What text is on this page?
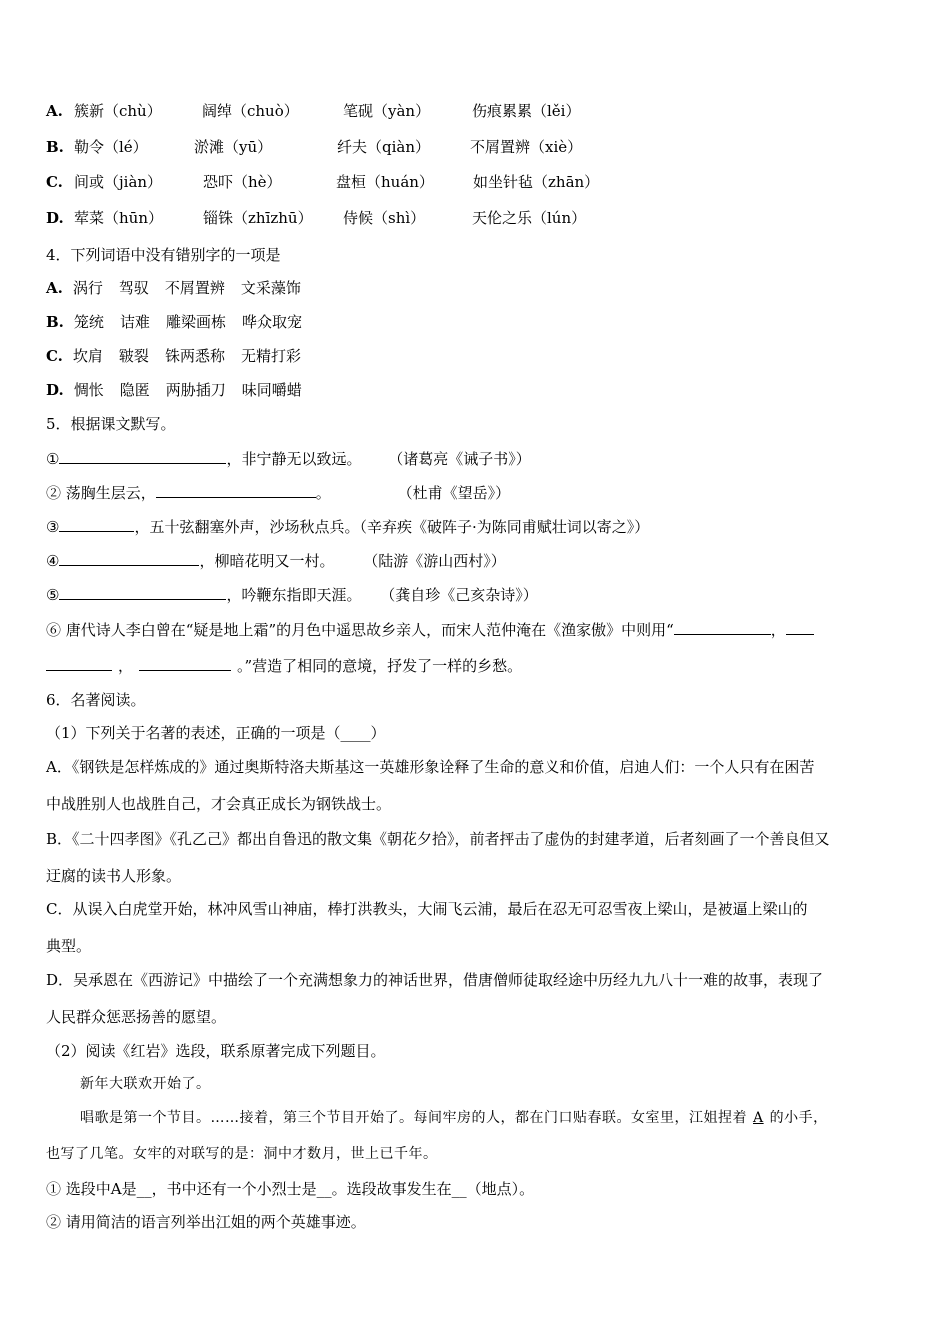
A. 簇新（chù）	阔绰（chuò）	笔砚（yàn）	伤痕累累（lěi）
B. 勒令（lé）	淤滩（yū）	纤夫（qiàn）	不屑置辨（xiè）
C. 间或（jiàn）	恐吓（hè）	盘桓（huán）	如坐针毡（zhān）
D. 荤菜（hūn）	锱铢（zhīzhū） 侍候（shì）	天伦之乐（lún）
4．下列词语中没有错别字的一项是
A. 涡行 驾驭 不屑置辨 文采藻饰
B. 笼统 诘难 雕梁画栋 哗众取宠
C. 坎肩 皲裂 铢两悉称 无精打彩
D. 惆怅 隐匿 两胁插刀 味同嚼蜡
5．根据课文默写。
①	，非宁静无以致远。 （诸葛亮《诫子书》）
② 荡胸生层云，	。	（杜甫《望岳》）
③	，五十弦翻塞外声，沙场秋点兵。（辛弃疾《破阵子·为陈同甫赋壮词以寄之》）
④	，柳暗花明又一村。 （陆游《游山西村》）
⑤	，吟鞭东指即天涯。 （龚自珍《己亥杂诗》）
⑥ 唐代诗人李白曾在“疑是地上霜”的月色中遥思故乡亲人，而宋人范仲淹在《渔家傲》中则用“	，
，	。”营造了相同的意境，抒发了一样的乡愁。
6．名著阅读。
（1）下列关于名著的表述，正确的一项是（____）
A．《钢铁是怎样炼成的》通过奥斯特洛夫斯基这一英雄形象诠释了生命的意义和价值，启迪人们：一个人只有在困苦
中战胜别人也战胜自己，才会真正成长为钢铁战士。
B．《二十四孝图》《孔乙己》都出自鲁迅的散文集《朝花夕拾》，前者抨击了虚伪的封建孝道，后者刻画了一个善良但又
迂腐的读书人形象。
C．从误入白虎堂开始，林冲风雪山神庙，棒打洪教头，大闹飞云浦，最后在忍无可忍雪夜上梁山，是被逼上梁山的
典型。
D．吴承恩在《西游记》中描绘了一个充满想象力的神话世界，借唐僧师徒取经途中历经九九八十一难的故事，表现了
人民群众惩恶扬善的愿望。
（2）阅读《红岩》选段，联系原著完成下列题目。
新年大联欢开始了。
唱歌是第一个节目。……接着，第三个节目开始了。每间牢房的人，都在门口贴春联。女室里，江姐捏着 A 的小手，
也写了几笔。女牢的对联写的是：洞中才数月，世上已千年。
① 选段中A是__，书中还有一个小烈士是__。选段故事发生在__（地点）。
② 请用简洁的语言列举出江姐的两个英雄事迹。
